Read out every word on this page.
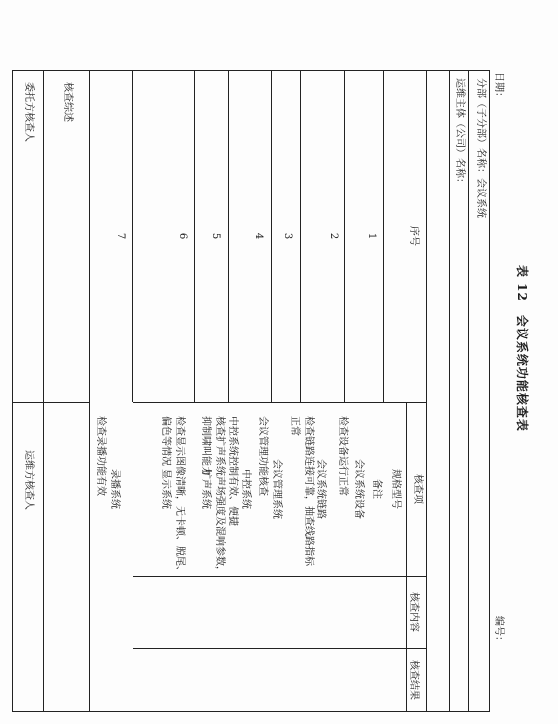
表 12　会议系统功能核查表
日期：
编号：
分部（子分部）名称：会议系统
运维主体（公司）名称：
序号
核查项
规格型号
核查内容
核查结果
备注
1
会议系统设备
检查设备运行正常
2
会议系统链路
检查链路连接可靠，抽查线路指标
正常
3
会议管理系统
会议管理功能核查
4
中控系统
中控系统控制有效、便捷
5
扩声系统 核查扩声系统声场强度及混响参数，
抑制啸叫能力
6
显示系统 检查显示图像清晰，无卡顿、脱尾、
偏色等情况
7
录播系统
检查录播功能有效
核查综述
委托方核查人
运维方核查人
